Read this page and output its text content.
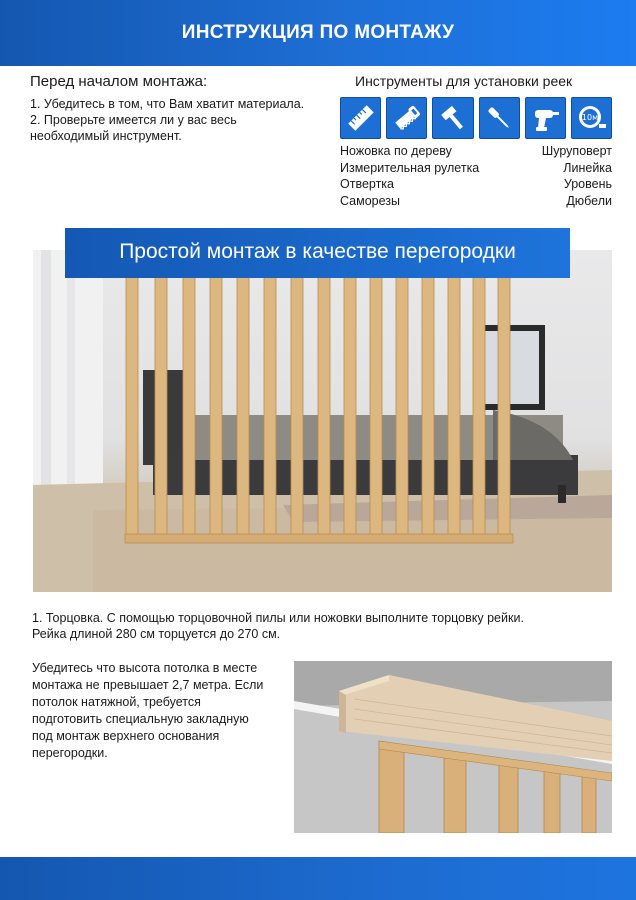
ИНСТРУКЦИЯ ПО МОНТАЖУ
Перед началом монтажа:
1. Убедитесь в том, что Вам хватит материала.
2. Проверьте имеется ли у вас весь
необходимый инструмент.
Инструменты для установки реек
10м
Ножовка по дереву	Шуруповерт
Измерительная рулетка	Линейка
Отвертка	Уровень
Саморезы	Дюбели
Простой монтаж в качестве перегородки
1. Торцовка. С помощью торцовочной пилы или ножовки выполните торцовку рейки.
Рейка длиной 280 см торцуется до 270 см.
Убедитесь что высота потолка в месте
монтажа не превышает 2,7 метра. Если
потолок натяжной, требуется
подготовить специальную закладную
под монтаж верхнего основания
перегородки.
